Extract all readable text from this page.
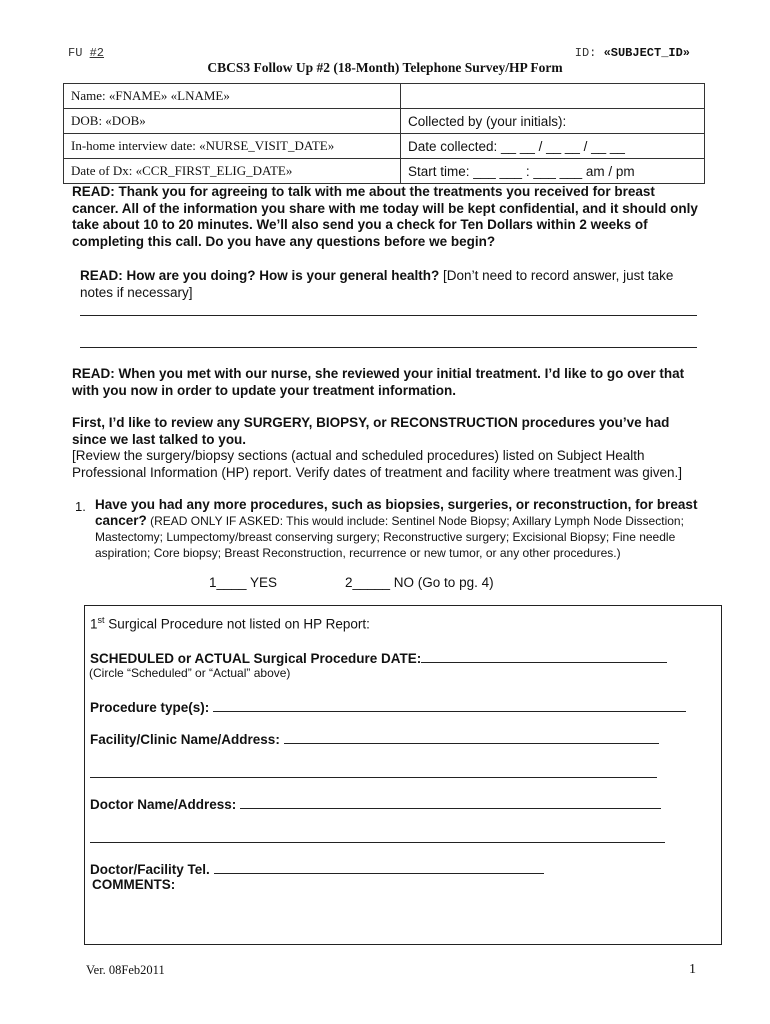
FU #2	ID: «SUBJECT_ID»
CBCS3 Follow Up #2 (18-Month) Telephone Survey/HP Form
Name: «FNAME» «LNAME»	
DOB: «DOB»	Collected by (your initials):
In-home interview date: «NURSE_VISIT_DATE»	Date collected: __ __ / __ __ / __ __
Date of Dx: «CCR_FIRST_ELIG_DATE»	Start time: ___ ___ : ___ ___ am / pm
READ: Thank you for agreeing to talk with me about the treatments you received for breast cancer. All of the information you share with me today will be kept confidential, and it should only take about 10 to 20 minutes. We’ll also send you a check for Ten Dollars within 2 weeks of completing this call. Do you have any questions before we begin?
READ: How are you doing? How is your general health? [Don’t need to record answer, just take notes if necessary]
READ: When you met with our nurse, she reviewed your initial treatment. I’d like to go over that with you now in order to update your treatment information.
First, I’d like to review any SURGERY, BIOPSY, or RECONSTRUCTION procedures you’ve had since we last talked to you.
[Review the surgery/biopsy sections (actual and scheduled procedures) listed on Subject Health Professional Information (HP) report. Verify dates of treatment and facility where treatment was given.]
1. Have you had any more procedures, such as biopsies, surgeries, or reconstruction, for breast cancer? (READ ONLY IF ASKED: This would include: Sentinel Node Biopsy; Axillary Lymph Node Dissection; Mastectomy; Lumpectomy/breast conserving surgery; Reconstructive surgery; Excisional Biopsy; Fine needle aspiration; Core biopsy; Breast Reconstruction, recurrence or new tumor, or any other procedures.)
1____ YES	2_____ NO (Go to pg. 4)
1st Surgical Procedure not listed on HP Report:
SCHEDULED or ACTUAL Surgical Procedure DATE:
(Circle “Scheduled” or “Actual” above)
Procedure type(s):
Facility/Clinic Name/Address:
Doctor Name/Address:
Doctor/Facility Tel.
COMMENTS:
Ver. 08Feb2011	1
